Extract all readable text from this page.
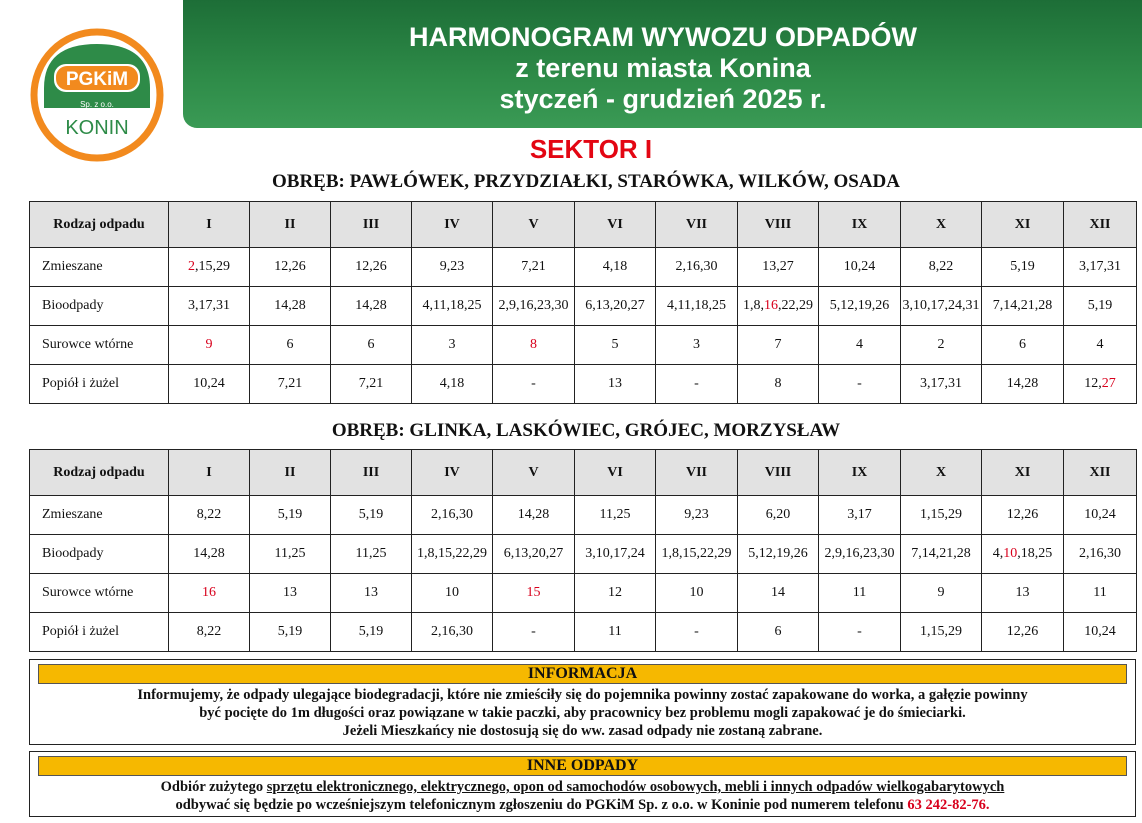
HARMONOGRAM WYWOZU ODPADÓW
z terenu miasta Konina
styczeń - grudzień 2025 r.
PGKiM
Sp. z o.o.
KONIN
SEKTOR I
OBRĘB: PAWŁÓWEK, PRZYDZIAŁKI, STARÓWKA, WILKÓW, OSADA
Rodzaj odpadu	I	II	III	IV	V	VI	VII	VIII	IX	X	XI	XII
Zmieszane	2,15,29	12,26	12,26	9,23	7,21	4,18	2,16,30	13,27	10,24	8,22	5,19	3,17,31
Bioodpady	3,17,31	14,28	14,28	4,11,18,25	2,9,16,23,30	6,13,20,27	4,11,18,25	1,8,16,22,29	5,12,19,26	3,10,17,24,31	7,14,21,28	5,19
Surowce wtórne	9	6	6	3	8	5	3	7	4	2	6	4
Popiół i żużel	10,24	7,21	7,21	4,18	-	13	-	8	-	3,17,31	14,28	12,27
OBRĘB: GLINKA, LASKÓWIEC, GRÓJEC, MORZYSŁAW
Rodzaj odpadu	I	II	III	IV	V	VI	VII	VIII	IX	X	XI	XII
Zmieszane	8,22	5,19	5,19	2,16,30	14,28	11,25	9,23	6,20	3,17	1,15,29	12,26	10,24
Bioodpady	14,28	11,25	11,25	1,8,15,22,29	6,13,20,27	3,10,17,24	1,8,15,22,29	5,12,19,26	2,9,16,23,30	7,14,21,28	4,10,18,25	2,16,30
Surowce wtórne	16	13	13	10	15	12	10	14	11	9	13	11
Popiół i żużel	8,22	5,19	5,19	2,16,30	-	11	-	6	-	1,15,29	12,26	10,24
INFORMACJA
Informujemy, że odpady ulegające biodegradacji, które nie zmieściły się do pojemnika powinny zostać zapakowane do worka, a gałęzie powinny
być pocięte do 1m długości oraz powiązane w takie paczki, aby pracownicy bez problemu mogli zapakować je do śmieciarki.
Jeżeli Mieszkańcy nie dostosują się do ww. zasad odpady nie zostaną zabrane.
INNE ODPADY
Odbiór zużytego sprzętu elektronicznego, elektrycznego, opon od samochodów osobowych, mebli i innych odpadów wielkogabarytowych
odbywać się będzie po wcześniejszym telefonicznym zgłoszeniu do PGKiM Sp. z o.o. w Koninie pod numerem telefonu 63 242-82-76.
